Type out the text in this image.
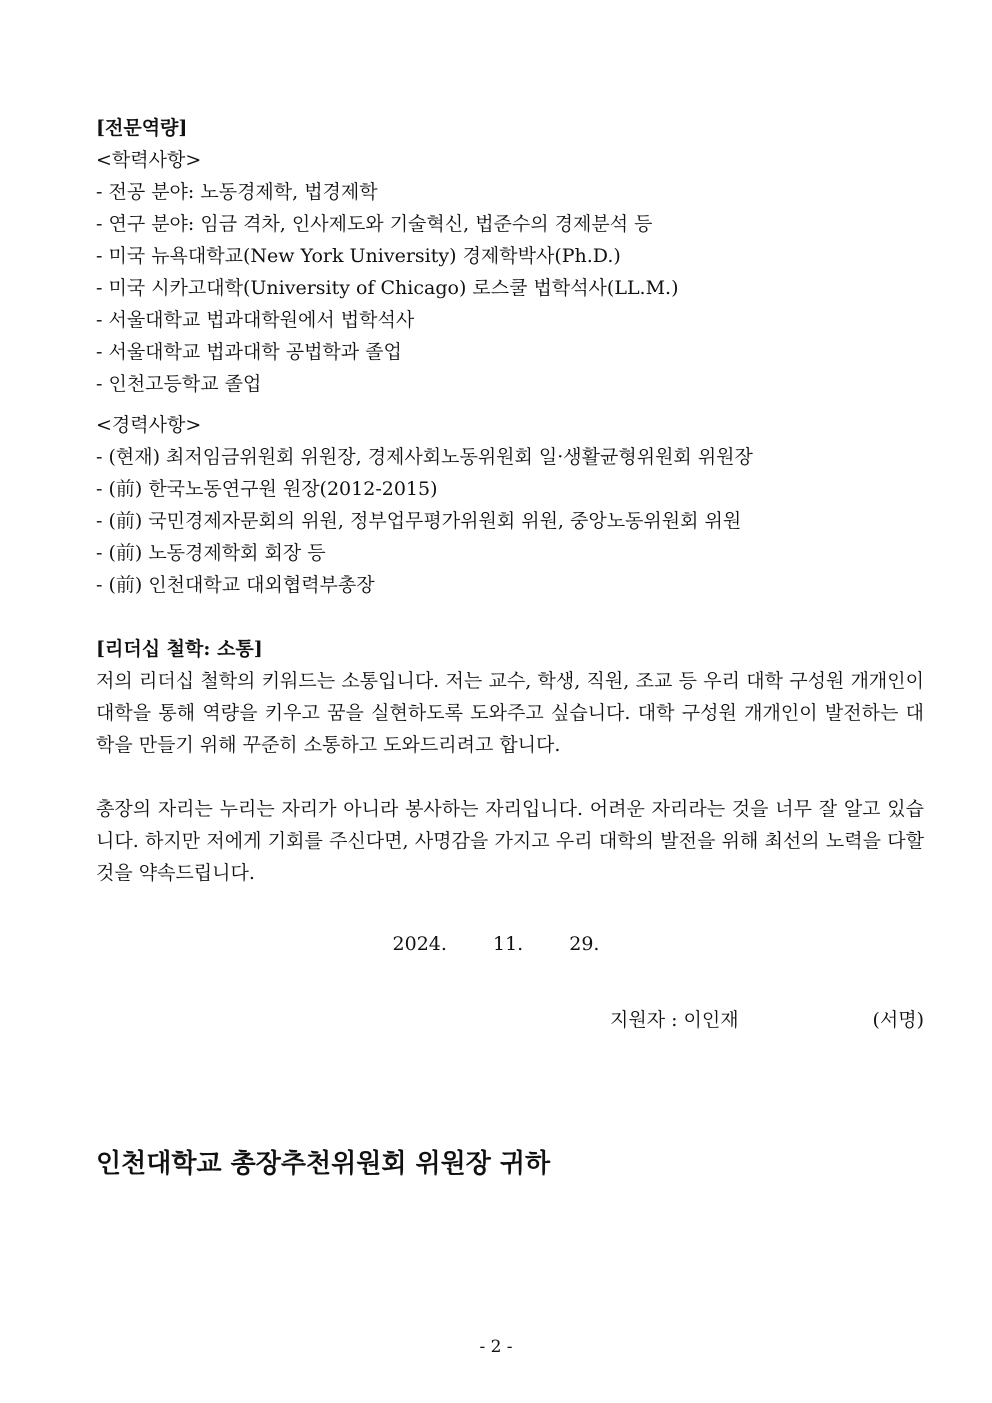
[전문역량]

<학력사항>

- 전공 분야: 노동경제학, 법경제학
- 연구 분야: 임금 격차, 인사제도와 기술혁신, 법준수의 경제분석 등
- 미국 뉴욕대학교(New York University) 경제학박사(Ph.D.)
- 미국 시카고대학(University of Chicago) 로스쿨 법학석사(LL.M.)
- 서울대학교 법과대학원에서 법학석사
- 서울대학교 법과대학 공법학과 졸업
- 인천고등학교 졸업

<경력사항>

- (현재) 최저임금위원회 위원장, 경제사회노동위원회 일·생활균형위원회 위원장
- (前) 한국노동연구원 원장(2012-2015)
- (前) 국민경제자문회의 위원, 정부업무평가위원회 위원, 중앙노동위원회 위원
- (前) 노동경제학회 회장 등
- (前) 인천대학교 대외협력부총장

[리더십 철학: 소통]

저의 리더십 철학의 키워드는 소통입니다. 저는 교수, 학생, 직원, 조교 등 우리 대학 구성원 개개인이 대학을 통해 역량을 키우고 꿈을 실현하도록 도와주고 싶습니다. 대학 구성원 개개인이 발전하는 대학을 만들기 위해 꾸준히 소통하고 도와드리려고 합니다.

총장의 자리는 누리는 자리가 아니라 봉사하는 자리입니다. 어려운 자리라는 것을 너무 잘 알고 있습니다. 하지만 저에게 기회를 주신다면, 사명감을 가지고 우리 대학의 발전을 위해 최선의 노력을 다할 것을 약속드립니다.

2024. 11. 29.
지원자 : 이인재	(서명)
인천대학교 총장추천위원회 위원장 귀하
- 2 -
